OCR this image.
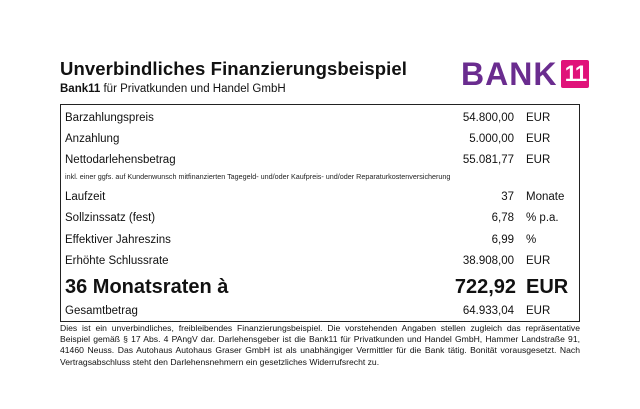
Unverbindliches Finanzierungsbeispiel
Bank11 für Privatkunden und Handel GmbH	BANK 11
Barzahlungspreis	54.800,00 EUR
Anzahlung	5.000,00 EUR
Nettodarlehensbetrag	55.081,77 EUR
inkl. einer ggfs. auf Kundenwunsch mitfinanzierten Tagegeld- und/oder Kaufpreis- und/oder Reparaturkostenversicherung
Laufzeit	37 Monate
Sollzinssatz (fest)	6,78 % p.a.
Effektiver Jahreszins	6,99 %
Erhöhte Schlussrate	38.908,00 EUR
36 Monatsraten à	722,92 EUR
Gesamtbetrag	64.933,04 EUR
Dies ist ein unverbindliches, freibleibendes Finanzierungsbeispiel. Die vorstehenden Angaben stellen zugleich das repräsentative Beispiel gemäß § 17 Abs. 4 PAngV dar. Darlehensgeber ist die Bank11 für Privatkunden und Handel GmbH, Hammer Landstraße 91, 41460 Neuss. Das Autohaus Autohaus Graser GmbH ist als unabhängiger Vermittler für die Bank tätig. Bonität vorausgesetzt. Nach Vertragsabschluss steht den Darlehensnehmern ein gesetzliches Widerrufsrecht zu.
